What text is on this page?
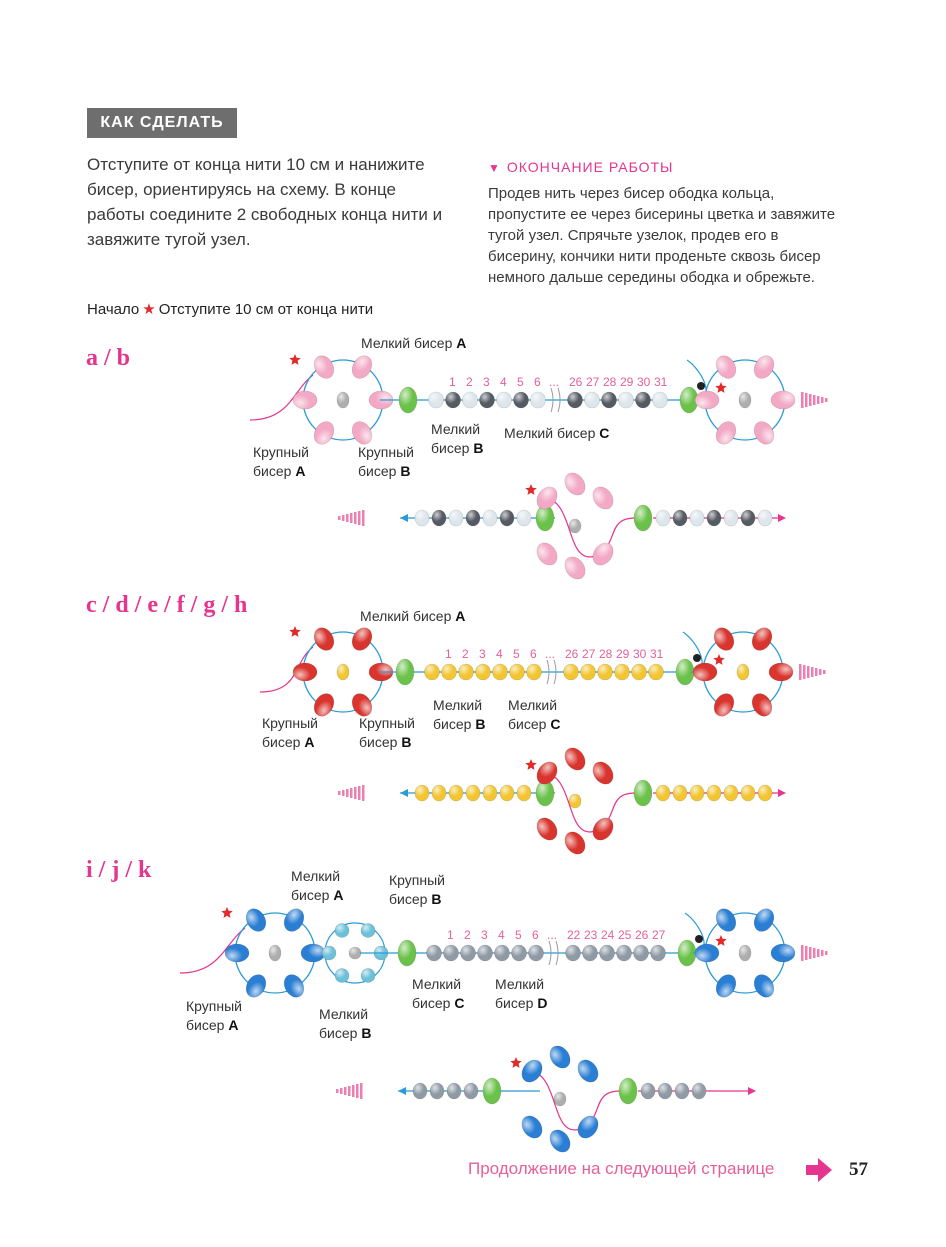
КАК СДЕЛАТЬ

Отступите от конца нити 10 см и нанижите бисер, ориентируясь на схему. В конце работы соедините 2 свободных конца нити и завяжите тугой узел.

▼ ОКОНЧАНИЕ РАБОТЫ

Продев нить через бисер ободка кольца, пропустите ее через бисерины цветка и завяжите тугой узел. Спрячьте узелок, продев его в бисерину, кончики нити проденьте сквозь бисер немного дальше середины ободка и обрежьте.

Начало ★ Отступите 10 см от конца нити
a / b
c / d / e / f / g / h
i / j / k
1 2 3 4 5 6 ... 26 27 28 29 30 31
1 2 3 4 5 6 ... 26 27 28 29 30 31
1 2 3 4 5 6 ... 22 23 24 25 26 27
Мелкий бисер A
Крупный бисер A
Крупный бисер B
Мелкий бисер B
Мелкий бисер C
Мелкий бисер A
Крупный бисер A
Крупный бисер B
Мелкий бисер B
Мелкий бисер C
Мелкий бисер A
Крупный бисер B
Крупный бисер A
Мелкий бисер B
Мелкий бисер C
Мелкий бисер D
Продолжение на следующей странице	57
